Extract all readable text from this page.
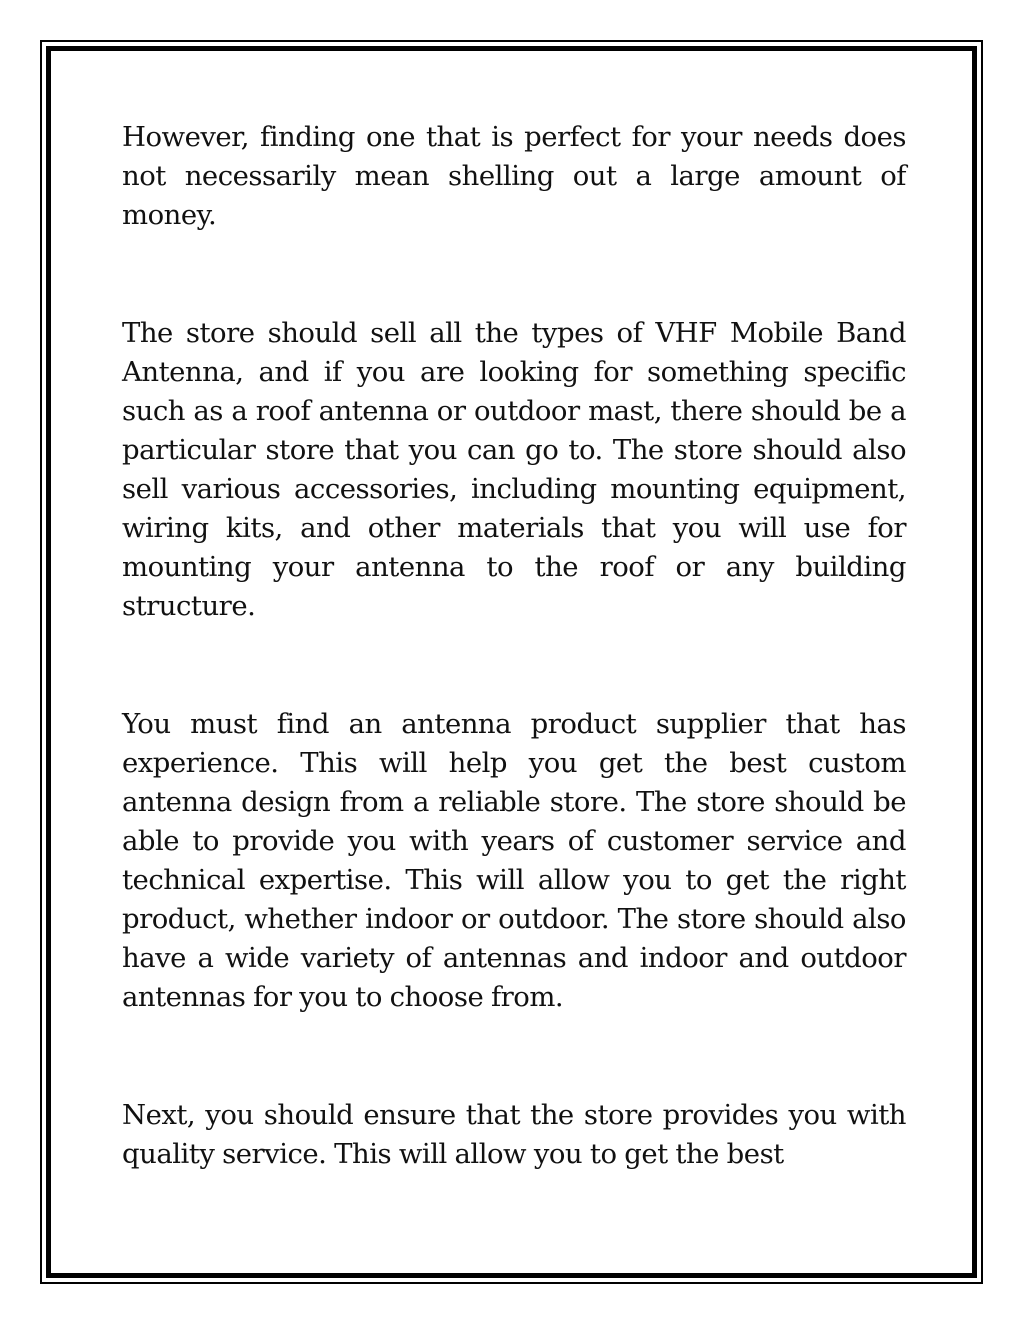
However, finding one that is perfect for your needs does not necessarily mean shelling out a large amount of money.

The store should sell all the types of VHF Mobile Band Antenna, and if you are looking for something specific such as a roof antenna or outdoor mast, there should be a particular store that you can go to. The store should also sell various accessories, including mounting equipment, wiring kits, and other materials that you will use for mounting your antenna to the roof or any building structure.

You must find an antenna product supplier that has experience. This will help you get the best custom antenna design from a reliable store. The store should be able to provide you with years of customer service and technical expertise. This will allow you to get the right product, whether indoor or outdoor. The store should also have a wide variety of antennas and indoor and outdoor antennas for you to choose from.

Next, you should ensure that the store provides you with quality service. This will allow you to get the best
